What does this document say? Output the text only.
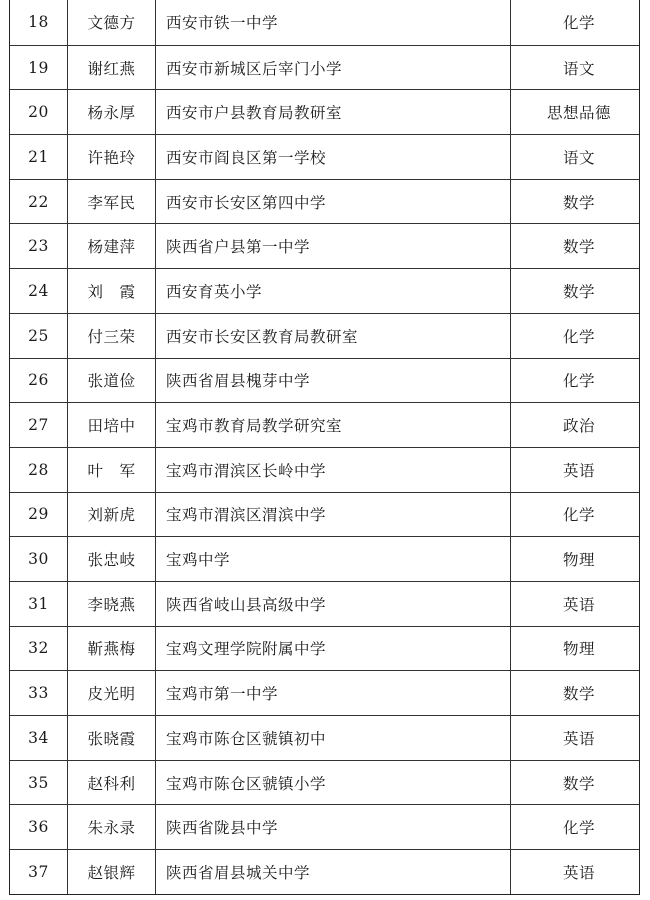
18	文德方	西安市铁一中学	化学
19	谢红燕	西安市新城区后宰门小学	语文
20	杨永厚	西安市户县教育局教研室	思想品德
21	许艳玲	西安市阎良区第一学校	语文
22	李军民	西安市长安区第四中学	数学
23	杨建萍	陕西省户县第一中学	数学
24	刘　霞	西安育英小学	数学
25	付三荣	西安市长安区教育局教研室	化学
26	张道俭	陕西省眉县槐芽中学	化学
27	田培中	宝鸡市教育局教学研究室	政治
28	叶　军	宝鸡市渭滨区长岭中学	英语
29	刘新虎	宝鸡市渭滨区渭滨中学	化学
30	张忠岐	宝鸡中学	物理
31	李晓燕	陕西省岐山县高级中学	英语
32	靳燕梅	宝鸡文理学院附属中学	物理
33	皮光明	宝鸡市第一中学	数学
34	张晓霞	宝鸡市陈仓区虢镇初中	英语
35	赵科利	宝鸡市陈仓区虢镇小学	数学
36	朱永录	陕西省陇县中学	化学
37	赵银辉	陕西省眉县城关中学	英语
